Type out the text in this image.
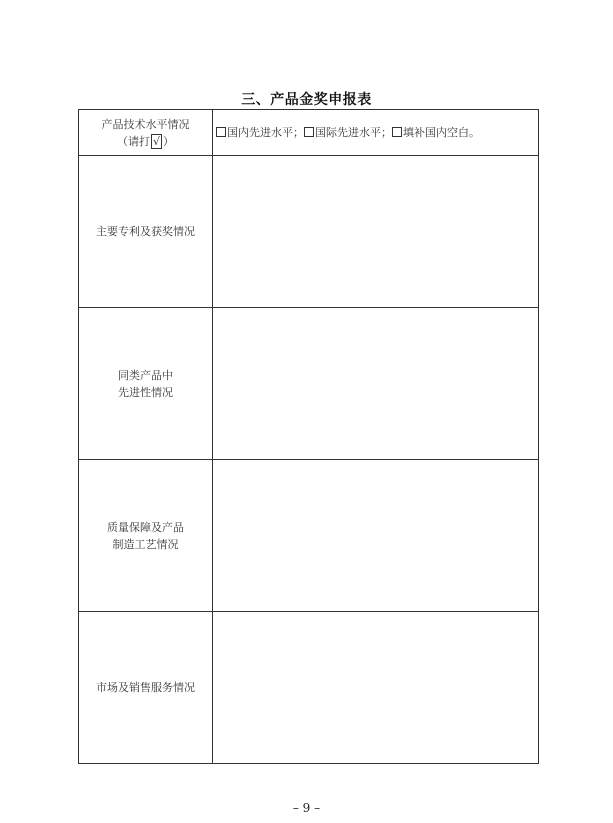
三、产品金奖申报表
产品技术水平情况
（请打 √ ）	国内先进水平； 国际先进水平； 填补国内空白。

主要专利及获奖情况	

同类产品中
先进性情况	

质量保障及产品
制造工艺情况	

市场及销售服务情况	

– 9 –
